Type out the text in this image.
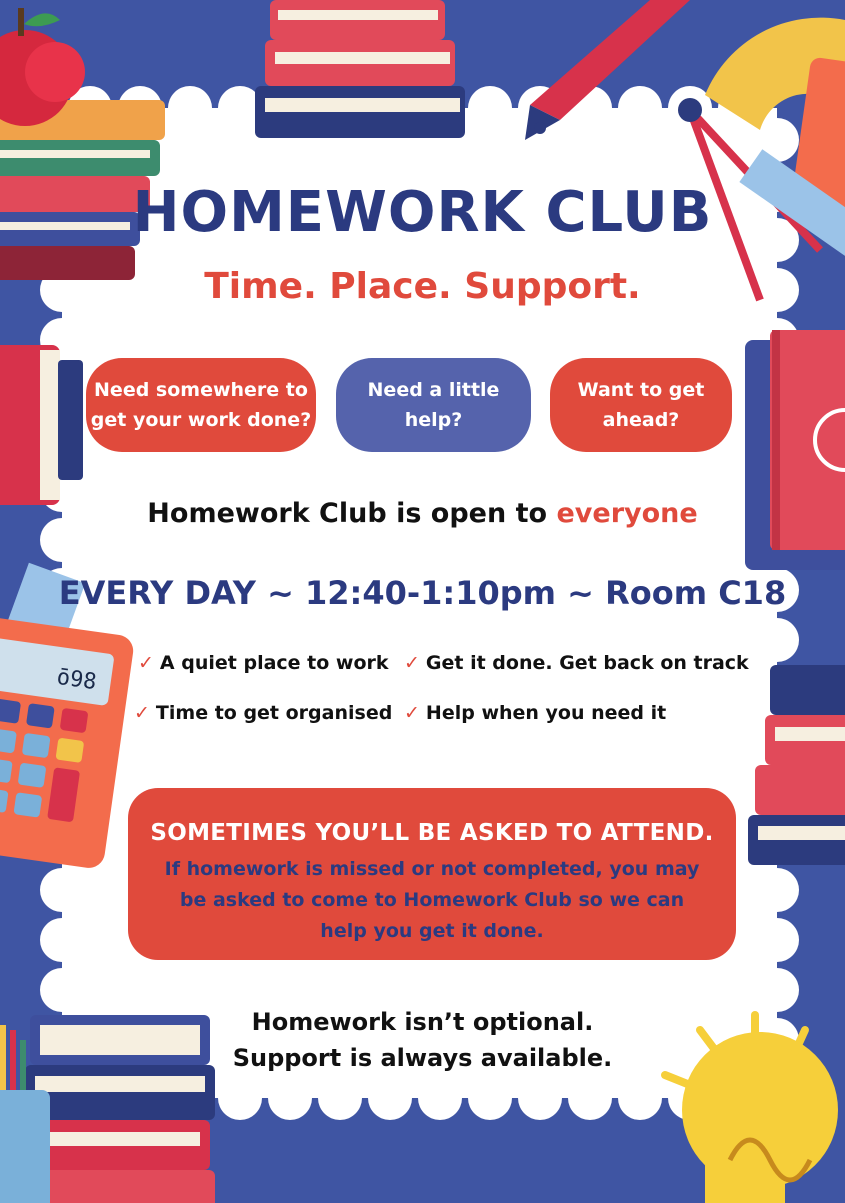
ō98
HOMEWORK CLUB
Time. Place. Support.
Need somewhere to
get your work done?
Need a little
help?
Want to get
ahead?
Homework Club is open to everyone
EVERY DAY ~ 12:40-1:10pm ~ Room C18
✓ A quiet place to work ✓ Get it done. Get back on track
✓ Time to get organised ✓ Help when you need it
SOMETIMES YOU’LL BE ASKED TO ATTEND.
If homework is missed or not completed, you may be asked to come to Homework Club so we can help you get it done.
Homework isn’t optional.
Support is always available.
